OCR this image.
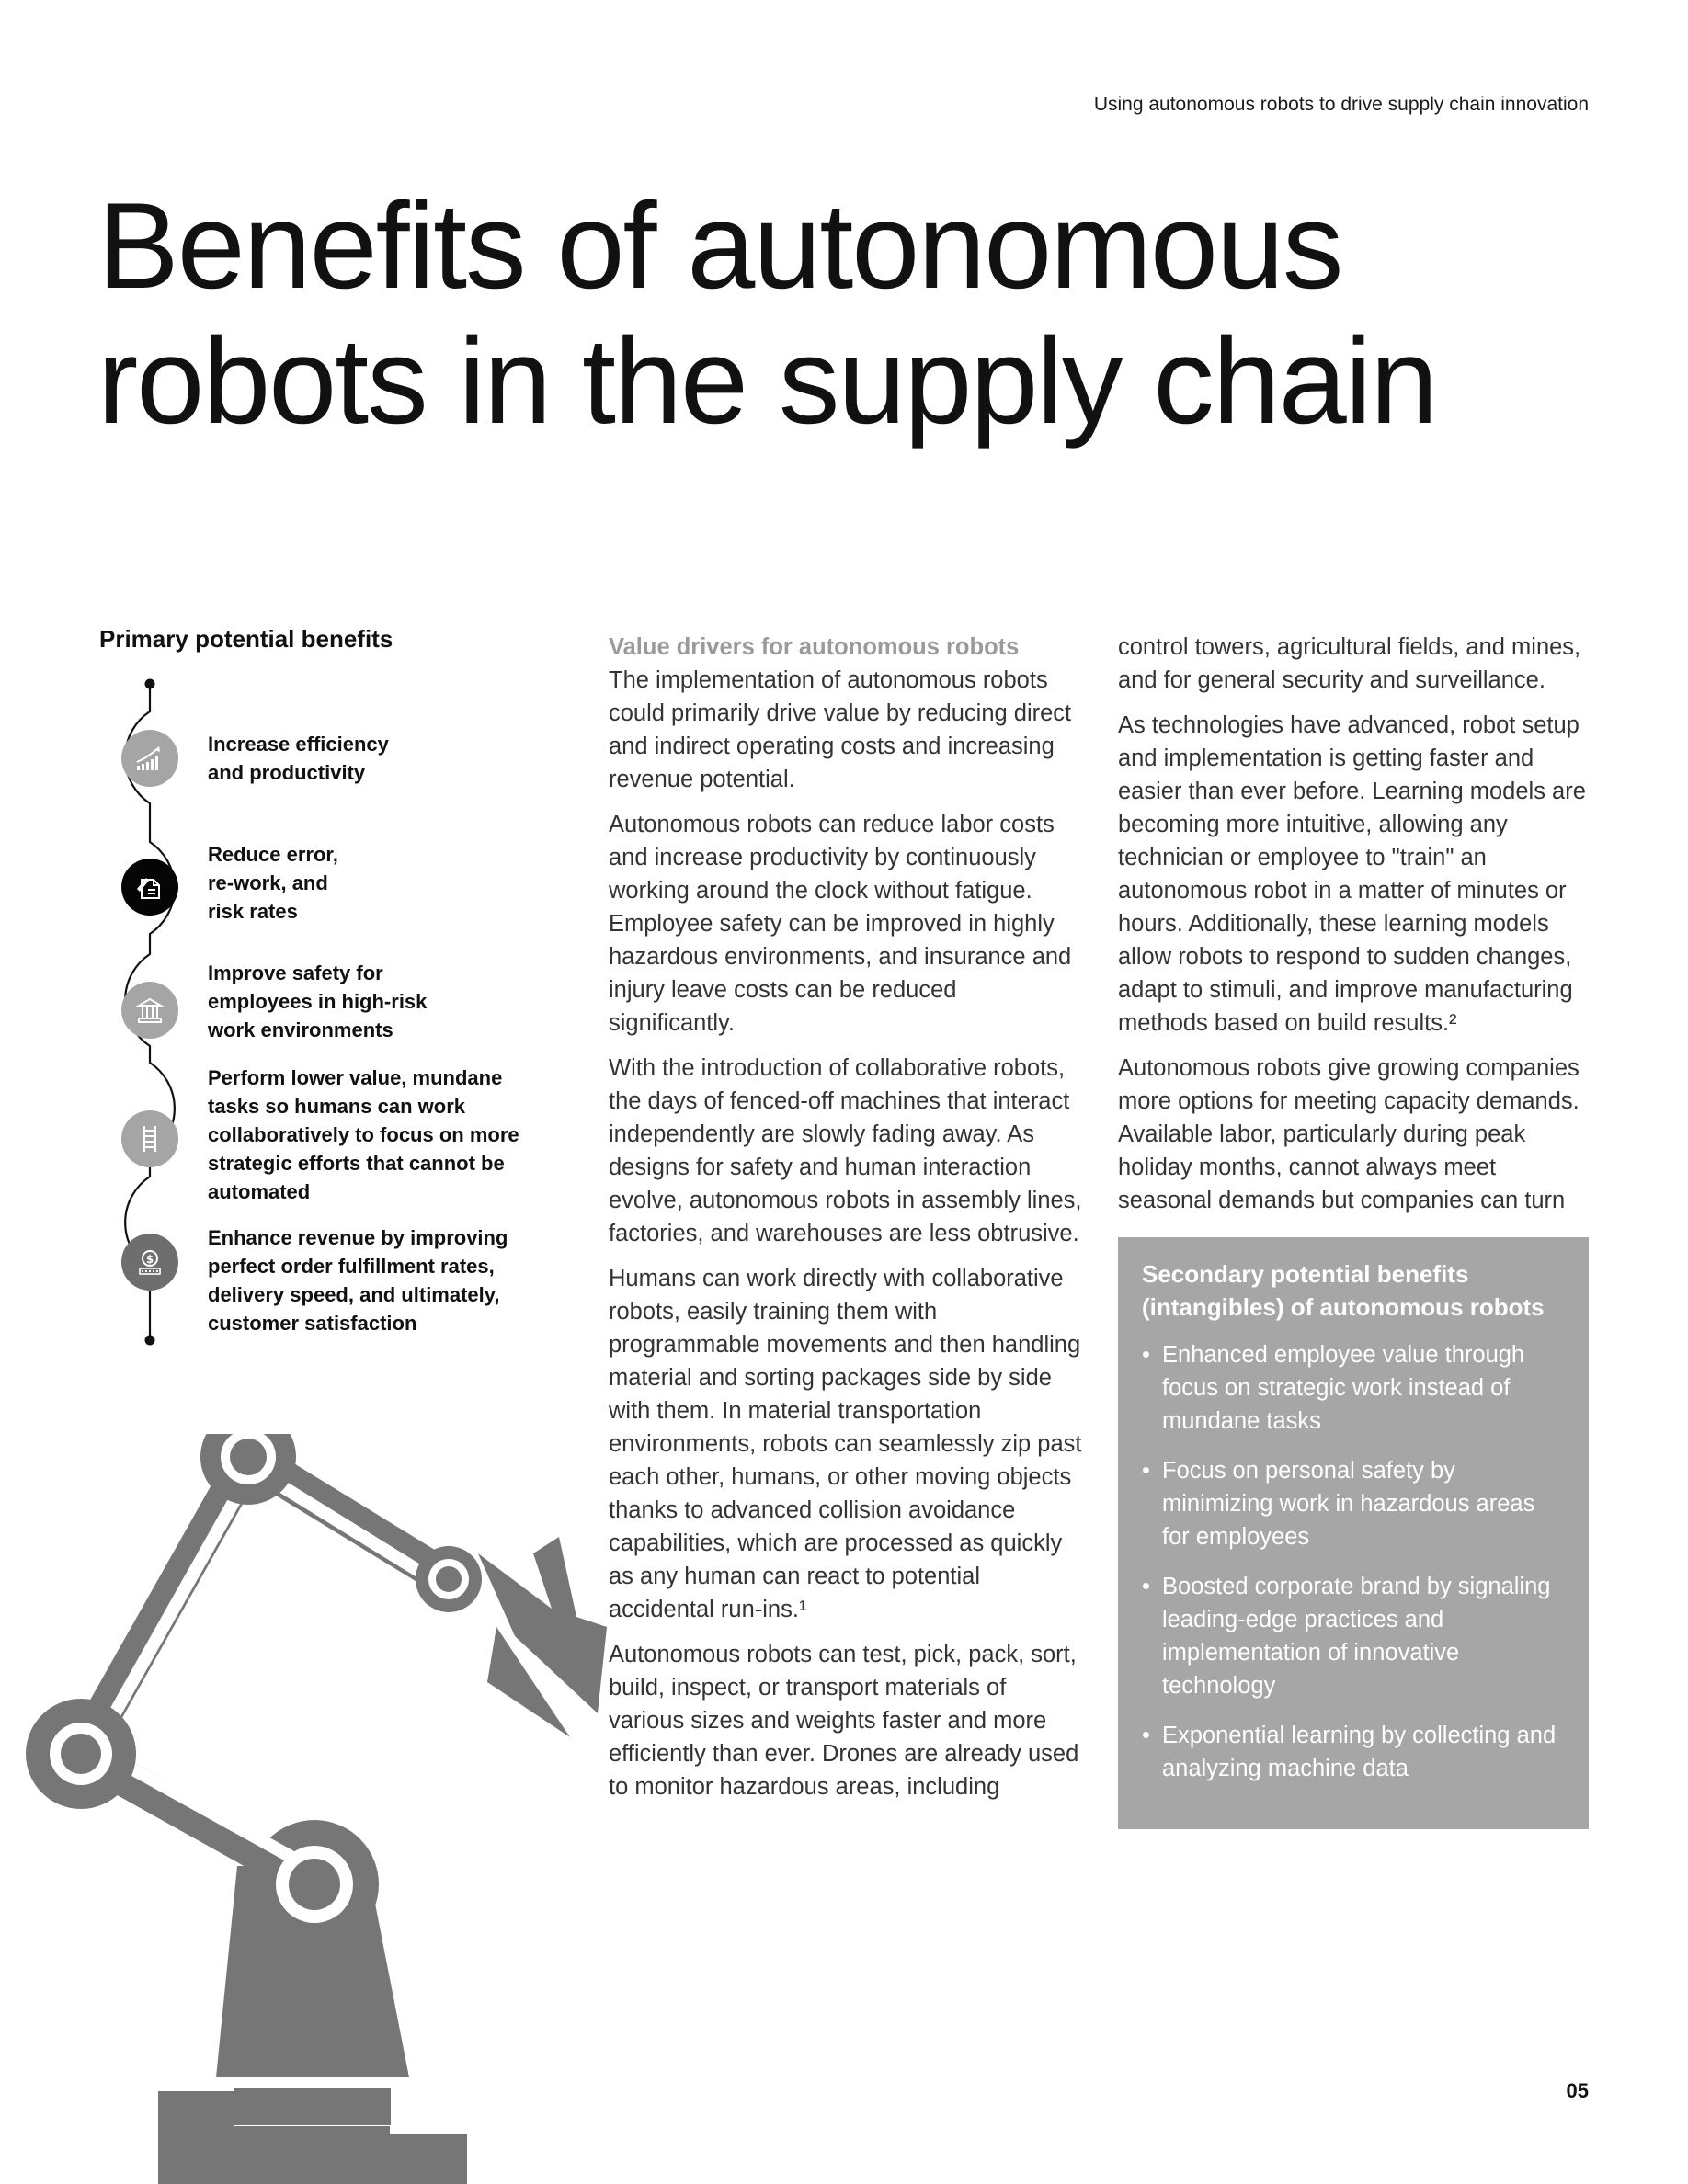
Using autonomous robots to drive supply chain innovation
Benefits of autonomous
robots in the supply chain
Primary potential benefits
Increase efficiency
and productivity
Reduce error,
re-work, and
risk rates
Improve safety for
employees in high-risk
work environments
Perform lower value, mundane
tasks so humans can work
collaboratively to focus on more
strategic efforts that cannot be
automated
$
Enhance revenue by improving
perfect order fulfillment rates,
delivery speed, and ultimately,
customer satisfaction
Value drivers for autonomous robots

The implementation of autonomous robots could primarily drive value by reducing direct and indirect operating costs and increasing revenue potential.

Autonomous robots can reduce labor costs and increase productivity by continuously working around the clock without fatigue. Employee safety can be improved in highly hazardous environments, and insurance and injury leave costs can be reduced significantly.

With the introduction of collaborative robots, the days of fenced-off machines that interact independently are slowly fading away. As designs for safety and human interaction evolve, autonomous robots in assembly lines, factories, and warehouses are less obtrusive.

Humans can work directly with collaborative robots, easily training them with programmable movements and then handling material and sorting packages side by side with them. In material transportation environments, robots can seamlessly zip past each other, humans, or other moving objects thanks to advanced collision avoidance capabilities, which are processed as quickly as any human can react to potential accidental run-ins.¹

Autonomous robots can test, pick, pack, sort, build, inspect, or transport materials of various sizes and weights faster and more efficiently than ever. Drones are already used to monitor hazardous areas, including

control towers, agricultural fields, and mines, and for general security and surveillance.

As technologies have advanced, robot setup and implementation is getting faster and easier than ever before. Learning models are becoming more intuitive, allowing any technician or employee to "train" an autonomous robot in a matter of minutes or hours. Additionally, these learning models allow robots to respond to sudden changes, adapt to stimuli, and improve manufacturing methods based on build results.²

Autonomous robots give growing companies more options for meeting capacity demands. Available labor, particularly during peak holiday months, cannot always meet seasonal demands but companies can turn

Secondary potential benefits (intangibles) of autonomous robots
• Enhanced employee value through focus on strategic work instead of mundane tasks
• Focus on personal safety by minimizing work in hazardous areas for employees
• Boosted corporate brand by signaling leading-edge practices and implementation of innovative technology
• Exponential learning by collecting and analyzing machine data
05
